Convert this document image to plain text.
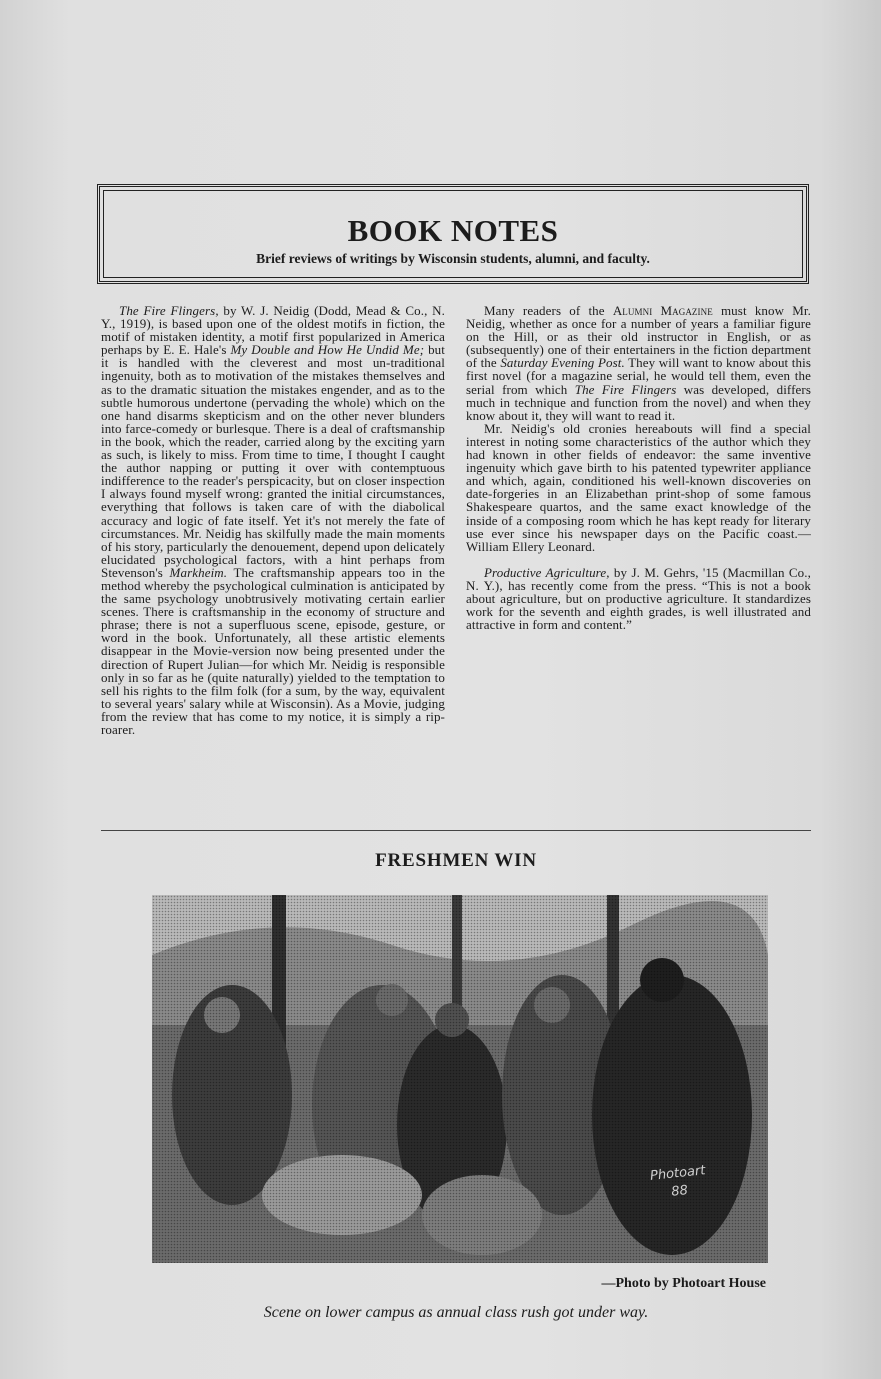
BOOK NOTES
Brief reviews of writings by Wisconsin students, alumni, and faculty.

The Fire Flingers, by W. J. Neidig (Dodd, Mead & Co., N. Y., 1919), is based upon one of the oldest motifs in fiction, the motif of mistaken identity, a motif first popularized in America perhaps by E. E. Hale's My Double and How He Undid Me; but it is handled with the cleverest and most un-traditional ingenuity, both as to motivation of the mistakes themselves and as to the dramatic situation the mistakes engender, and as to the subtle humorous undertone (pervading the whole) which on the one hand disarms skepticism and on the other never blunders into farce-comedy or burlesque. There is a deal of craftsmanship in the book, which the reader, carried along by the exciting yarn as such, is likely to miss. From time to time, I thought I caught the author napping or putting it over with contemptuous indifference to the reader's perspicacity, but on closer inspection I always found myself wrong: granted the initial circumstances, everything that follows is taken care of with the diabolical accuracy and logic of fate itself. Yet it's not merely the fate of circumstances. Mr. Neidig has skilfully made the main moments of his story, particularly the denouement, depend upon delicately elucidated psychological factors, with a hint perhaps from Stevenson's Markheim. The craftsmanship appears too in the method whereby the psychological culmination is anticipated by the same psychology unobtrusively motivating certain earlier scenes. There is craftsmanship in the economy of structure and phrase; there is not a superfluous scene, episode, gesture, or word in the book. Unfortunately, all these artistic elements disappear in the Movie-version now being presented under the direction of Rupert Julian—for which Mr. Neidig is responsible only in so far as he (quite naturally) yielded to the temptation to sell his rights to the film folk (for a sum, by the way, equivalent to several years' salary while at Wisconsin). As a Movie, judging from the review that has come to my notice, it is simply a rip-roarer.

Many readers of the Alumni Magazine must know Mr. Neidig, whether as once for a number of years a familiar figure on the Hill, or as their old instructor in English, or as (subsequently) one of their entertainers in the fiction department of the Saturday Evening Post. They will want to know about this first novel (for a magazine serial, he would tell them, even the serial from which The Fire Flingers was developed, differs much in technique and function from the novel) and when they know about it, they will want to read it.

Mr. Neidig's old cronies hereabouts will find a special interest in noting some characteristics of the author which they had known in other fields of endeavor: the same inventive ingenuity which gave birth to his patented typewriter appliance and which, again, conditioned his well-known discoveries on date-forgeries in an Elizabethan print-shop of some famous Shakespeare quartos, and the same exact knowledge of the inside of a composing room which he has kept ready for literary use ever since his newspaper days on the Pacific coast.—William Ellery Leonard.

Productive Agriculture, by J. M. Gehrs, '15 (Macmillan Co., N. Y.), has recently come from the press. “This is not a book about agriculture, but on productive agriculture. It standardizes work for the seventh and eighth grades, is well illustrated and attractive in form and content.”

FRESHMEN WIN
Photoart
88
—Photo by Photoart House
Scene on lower campus as annual class rush got under way.
